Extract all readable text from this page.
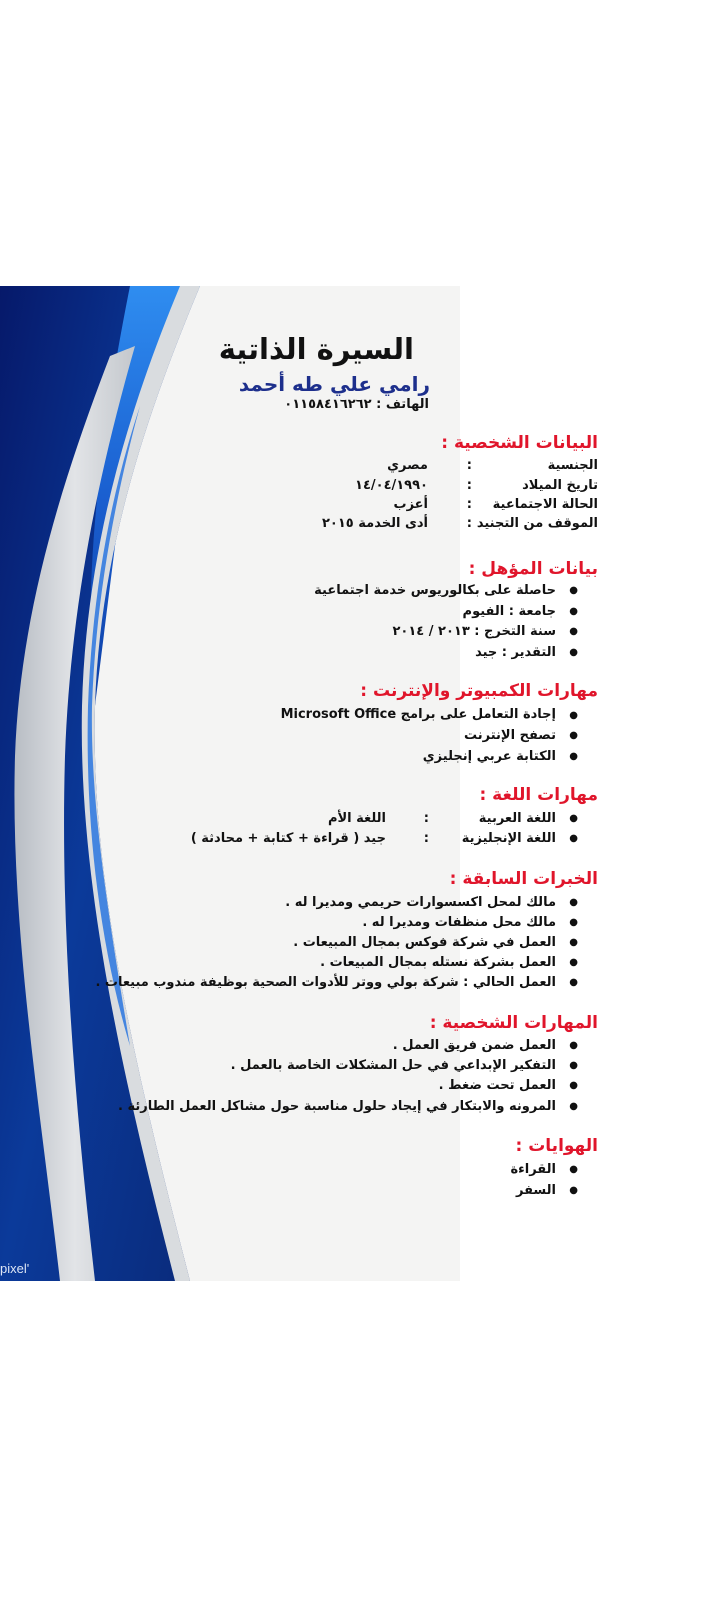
pixel'
السيرة الذاتية
رامي علي طه أحمد
الهاتف : ٠١١٥٨٤١٦٢٦٢
البيانات الشخصية :
الجنسية
:
مصري
تاريخ الميلاد
:
١٤/٠٤/١٩٩٠
الحالة الاجتماعية
:
أعزب
الموقف من التجنيد
:
أدى الخدمة ٢٠١٥
بيانات المؤهل :
●
حاصلة على بكالوريوس خدمة اجتماعية
●
جامعة : الفيوم
●
سنة التخرج : ٢٠١٣ / ٢٠١٤
●
التقدير : جيد
مهارات الكمبيوتر والإنترنت :
●
إجادة التعامل على برامج Microsoft Office
●
تصفح الإنترنت
●
الكتابة عربي إنجليزي
مهارات اللغة :
●
اللغة العربية
:
اللغة الأم
●
اللغة الإنجليزية
:
جيد ( قراءة + كتابة + محادثة )
الخبرات السابقة :
●
مالك لمحل اكسسوارات حريمي ومديرا له .
●
مالك محل منظفات ومديرا له .
●
العمل في شركة فوكس بمجال المبيعات .
●
العمل بشركة نستله بمجال المبيعات .
●
العمل الحالي : شركة بولي ووتر للأدوات الصحية بوظيفة مندوب مبيعات .
المهارات الشخصية :
●
العمل ضمن فريق العمل .
●
التفكير الإبداعي في حل المشكلات الخاصة بالعمل .
●
العمل تحت ضغط .
●
المرونه والابتكار في إيجاد حلول مناسبة حول مشاكل العمل الطارئة .
الهوايات :
●
القراءة
●
السفر
